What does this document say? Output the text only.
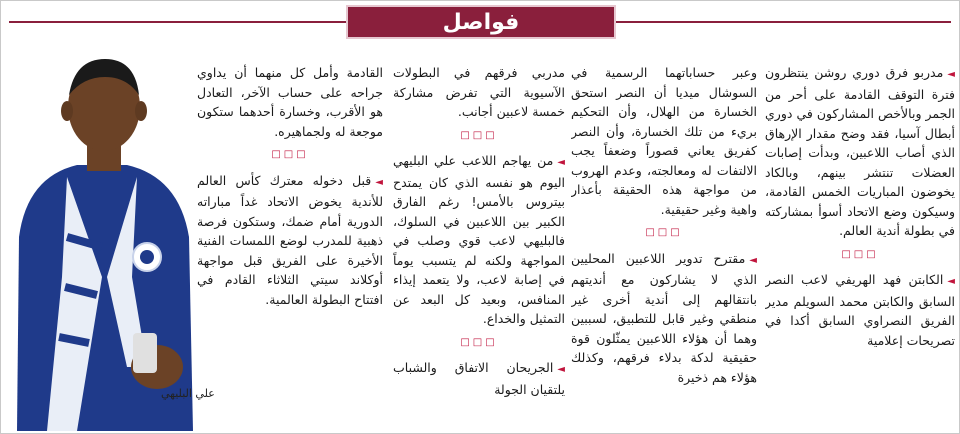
فواصل

◄مدربو فرق دوري روشن ينتظرون فترة التوقف القادمة على أحر من الجمر وبالأخص المشاركون في دوري أبطال آسيا، فقد وضح مقدار الإرهاق الذي أصاب اللاعبين، وبدأت إصابات العضلات تنتشر بينهم، وبالكاد يخوضون المباريات الخمس القادمة، وسيكون وضع الاتحاد أسوأ بمشاركته في بطولة أندية العالم.

□□□

◄الكابتن فهد الهريفي لاعب النصر السابق والكابتن محمد السويلم مدير الفريق النصراوي السابق أكدا في تصريحات إعلامية

وعبر حساباتهما الرسمية في السوشال ميديا أن النصر استحق الخسارة من الهلال، وأن التحكيم بريء من تلك الخسارة، وأن النصر كفريق يعاني قصوراً وضعفاً يجب الالتفات له ومعالجته، وعدم الهروب من مواجهة هذه الحقيقة بأعذار واهية وغير حقيقية.

□□□

◄مقترح تدوير اللاعبين المحليين الذي لا يشاركون مع أنديتهم بانتقالهم إلى أندية أخرى غير منطقي وغير قابل للتطبيق، لسببين وهما أن هؤلاء اللاعبين يمثّلون قوة حقيقية لدكة بدلاء فرقهم، وكذلك هؤلاء هم ذخيرة

مدربي فرقهم في البطولات الآسيوية التي تفرض مشاركة خمسة لاعبين أجانب.

□□□

◄من يهاجم اللاعب علي البليهي اليوم هو نفسه الذي كان يمتدح بيتروس بالأمس! رغم الفارق الكبير بين اللاعبين في السلوك، فالبليهي لاعب قوي وصلب في المواجهة ولكنه لم يتسبب يوماً في إصابة لاعب، ولا يتعمد إيذاء المنافس، وبعيد كل البعد عن التمثيل والخداع.

□□□

◄الجريحان الاتفاق والشباب يلتقيان الجولة

القادمة وأمل كل منهما أن يداوي جراحه على حساب الآخر، التعادل هو الأقرب، وخسارة أحدهما ستكون موجعة له ولجماهيره.

□□□

◄قبل دخوله معترك كأس العالم للأندية يخوض الاتحاد غداً مباراته الدورية أمام ضمك، وستكون فرصة ذهبية للمدرب لوضع اللمسات الفنية الأخيرة على الفريق قبل مواجهة أوكلاند سيتي الثلاثاء القادم في افتتاح البطولة العالمية.

علي البليهي
